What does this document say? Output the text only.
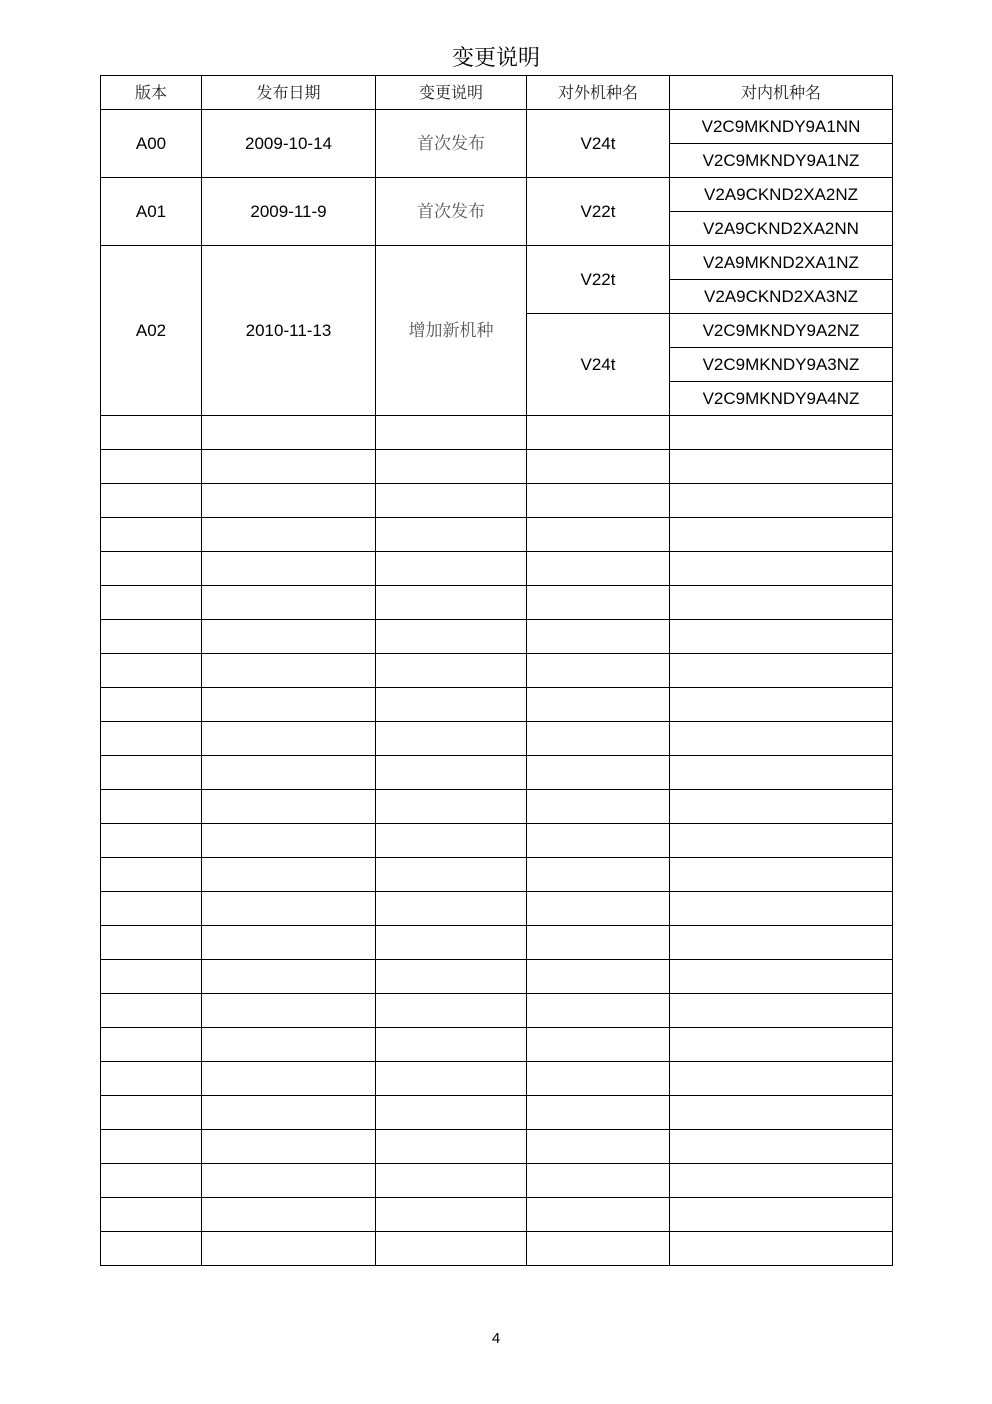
变更说明
版本	发布日期	变更说明	对外机种名	对内机种名
A00	2009-10-14	首次发布	V24t	V2C9MKNDY9A1NN
				V2C9MKNDY9A1NZ
A01	2009-11-9	首次发布	V22t	V2A9CKND2XA2NZ
				V2A9CKND2XA2NN
A02	2010-11-13	增加新机种	V22t	V2A9MKND2XA1NZ
				V2A9CKND2XA3NZ
			V24t	V2C9MKNDY9A2NZ
				V2C9MKNDY9A3NZ
				V2C9MKNDY9A4NZ

4
